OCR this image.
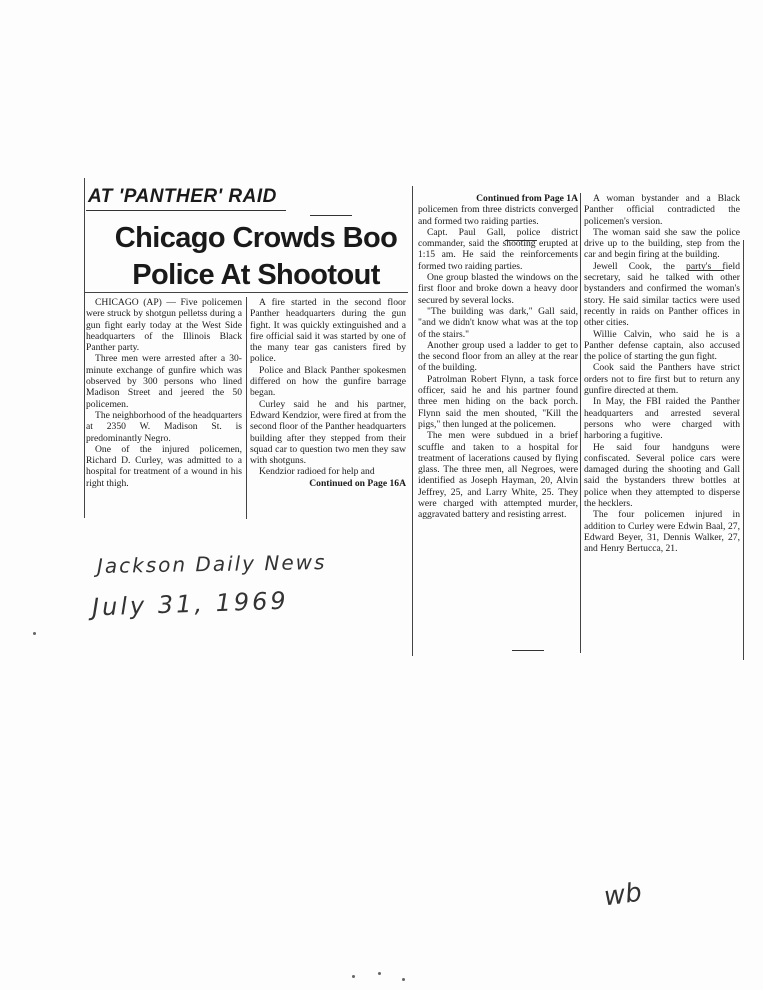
AT 'PANTHER' RAID
Chicago Crowds Boo
Police At Shootout

CHICAGO (AP) — Five policemen were struck by shotgun pelletss during a gun fight early today at the West Side headquarters of the Illinois Black Panther party.

Three men were arrested after a 30-minute exchange of gunfire which was observed by 300 persons who lined Madison Street and jeered the 50 policemen.

The neighborhood of the headquarters at 2350 W. Madison St. is predominantly Negro.

One of the injured policemen, Richard D. Curley, was admitted to a hospital for treatment of a wound in his right thigh.

A fire started in the second floor Panther headquarters during the gun fight. It was quickly extinguished and a fire official said it was started by one of the many tear gas canisters fired by police.

Police and Black Panther spokesmen differed on how the gunfire barrage began.

Curley said he and his partner, Edward Kendzior, were fired at from the second floor of the Panther headquarters building after they stepped from their squad car to question two men they saw with shotguns.

Kendzior radioed for help and

Continued on Page 16A
Continued from Page 1A

policemen from three districts converged and formed two raiding parties.

Capt. Paul Gall, police district commander, said the shooting erupted at 1:15 am. He said the reinforcements formed two raiding parties.

One group blasted the windows on the first floor and broke down a heavy door secured by several locks.

"The building was dark," Gall said, "and we didn't know what was at the top of the stairs."

Another group used a ladder to get to the second floor from an alley at the rear of the building.

Patrolman Robert Flynn, a task force officer, said he and his partner found three men hiding on the back porch. Flynn said the men shouted, "Kill the pigs," then lunged at the policemen.

The men were subdued in a brief scuffle and taken to a hospital for treatment of lacerations caused by flying glass. The three men, all Negroes, were identified as Joseph Hayman, 20, Alvin Jeffrey, 25, and Larry White, 25. They were charged with attempted murder, aggravated battery and resisting arrest.

A woman bystander and a Black Panther official contradicted the policemen's version.

The woman said she saw the police drive up to the building, step from the car and begin firing at the building.

Jewell Cook, the party's field secretary, said he talked with other bystanders and confirmed the woman's story. He said similar tactics were used recently in raids on Panther offices in other cities.

Willie Calvin, who said he is a Panther defense captain, also accused the police of starting the gun fight.

Cook said the Panthers have strict orders not to fire first but to return any gunfire directed at them.

In May, the FBI raided the Panther headquarters and arrested several persons who were charged with harboring a fugitive.

He said four handguns were confiscated. Several police cars were damaged during the shooting and Gall said the bystanders threw bottles at police when they attempted to disperse the hecklers.

The four policemen injured in addition to Curley were Edwin Baal, 27, Edward Beyer, 31, Dennis Walker, 27, and Henry Bertucca, 21.

Jackson Daily News
July 31, 1969
wb
